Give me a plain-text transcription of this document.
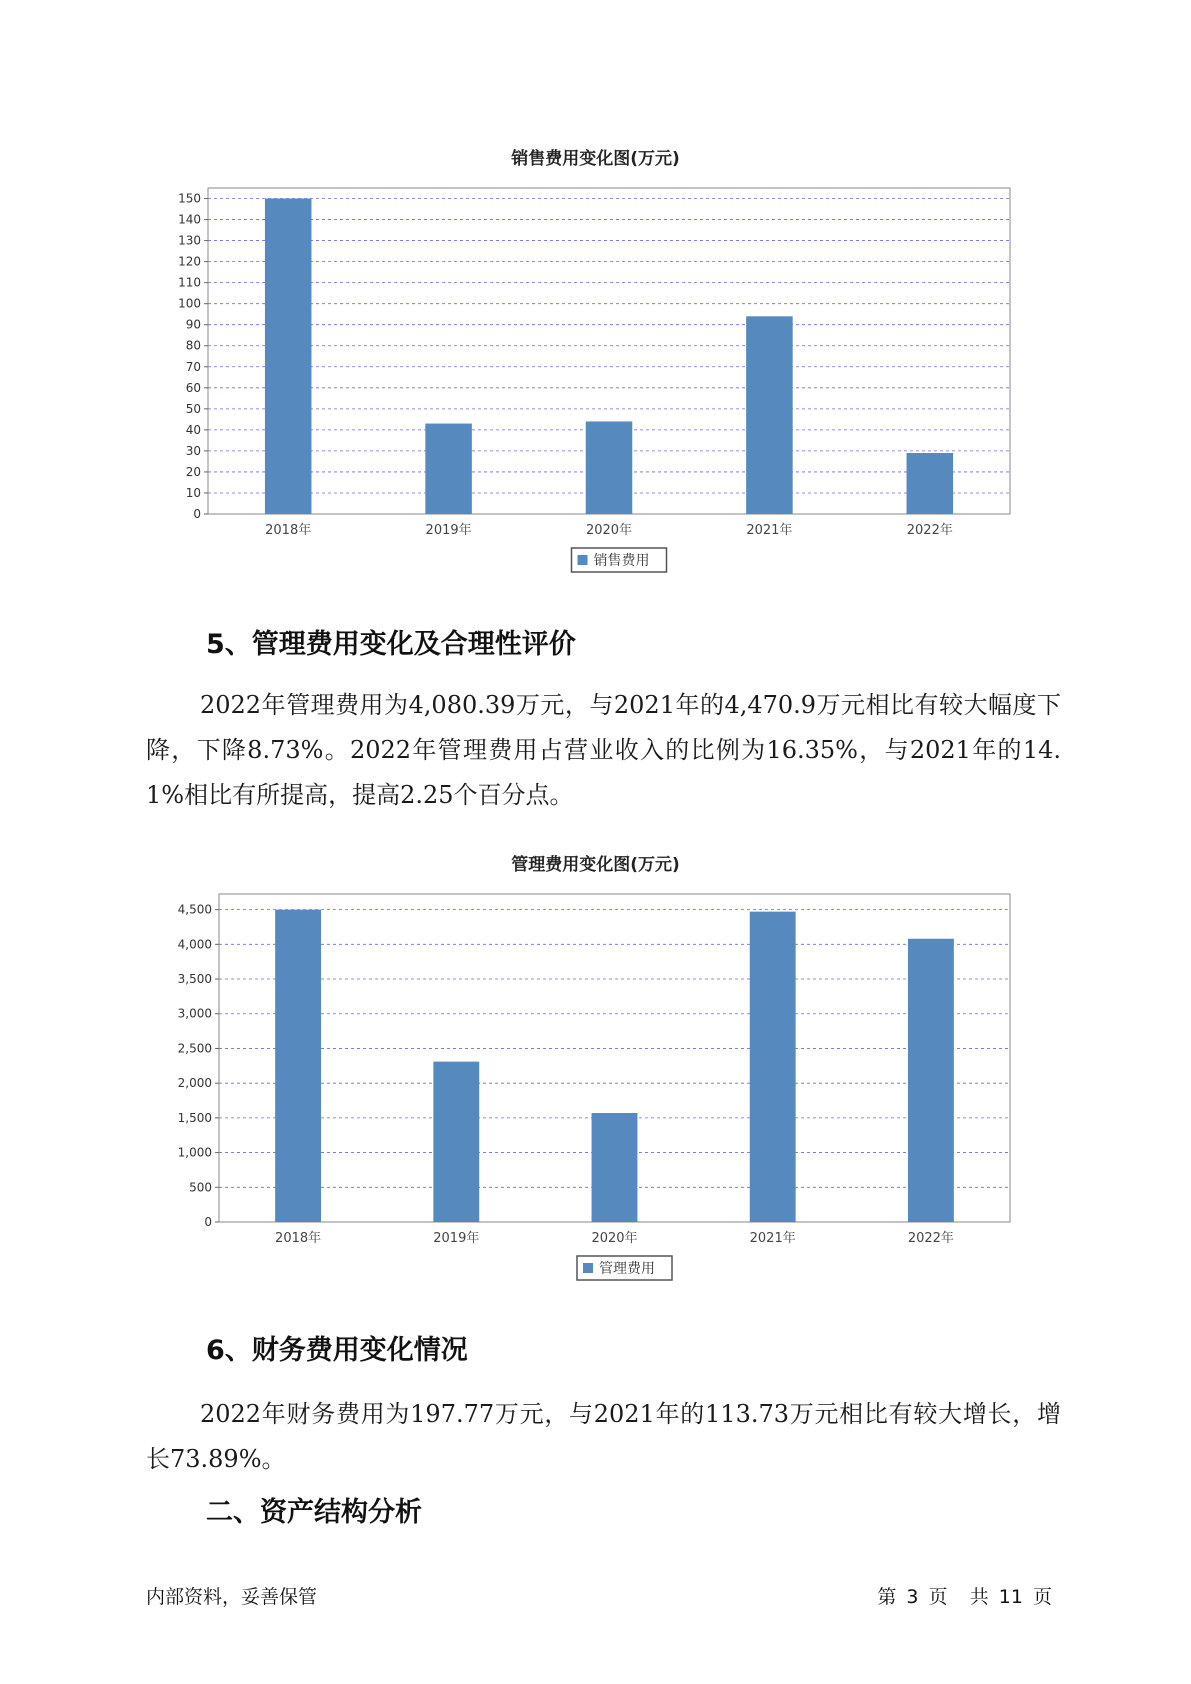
销售费用变化图(万元)
0
10
20
30
40
50
60
70
80
90
100
110
120
130
140
150
2018年	2019年	2020年	2021年	2022年
销售费用
5、管理费用变化及合理性评价

2022年管理费用为4,080.39万元，与2021年的4,470.9万元相比有较大幅度下降，下降8.73%。2022年管理费用占营业收入的比例为16.35%，与2021年的14.1%相比有所提高，提高2.25个百分点。

管理费用变化图(万元)
0
500
1,000
1,500
2,000
2,500
3,000
3,500
4,000
4,500
2018年	2019年	2020年	2021年	2022年
管理费用
6、财务费用变化情况

2022年财务费用为197.77万元，与2021年的113.73万元相比有较大增长，增长73.89%。

二、资产结构分析
内部资料，妥善保管	第 3 页 共 11 页
